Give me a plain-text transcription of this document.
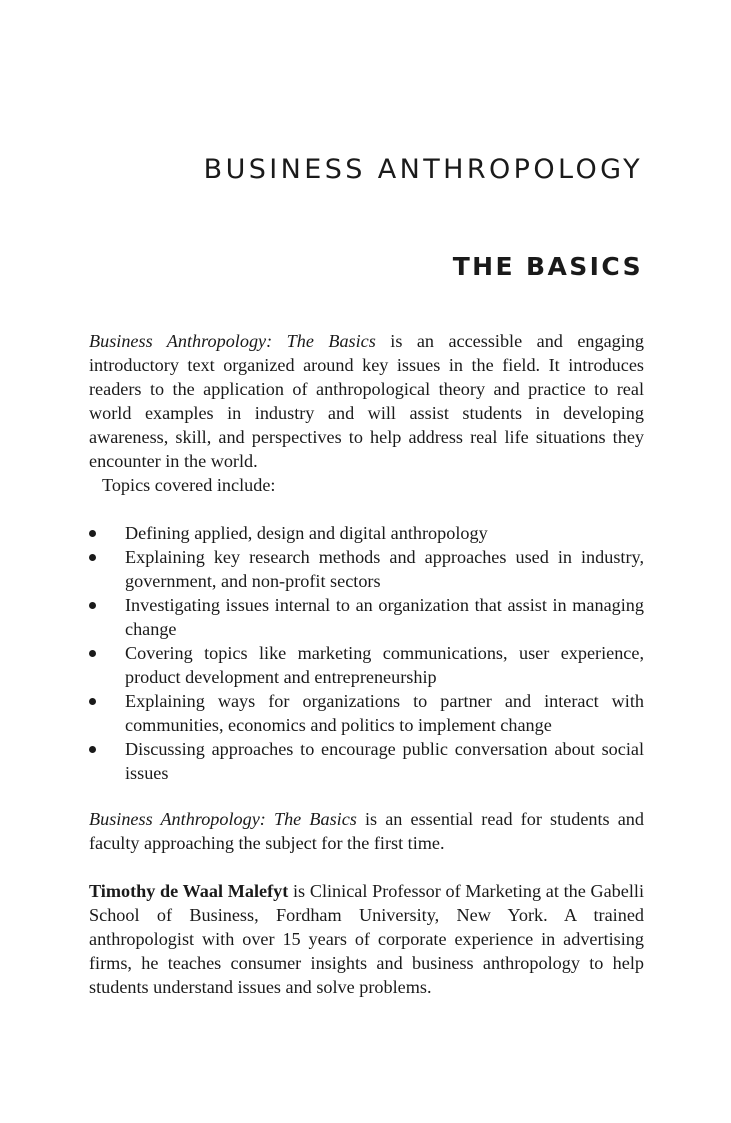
BUSINESS ANTHROPOLOGY
THE BASICS

Business Anthropology: The Basics is an accessible and engaging introductory text organized around key issues in the field. It introduces readers to the application of anthropological theory and practice to real world examples in industry and will assist students in developing awareness, skill, and perspectives to help address real life situations they encounter in the world.
Topics covered include:

Defining applied, design and digital anthropology
Explaining key research methods and approaches used in industry, government, and non-profit sectors
Investigating issues internal to an organization that assist in managing change
Covering topics like marketing communications, user experience, product development and entrepreneurship
Explaining ways for organizations to partner and interact with communities, economics and politics to implement change
Discussing approaches to encourage public conversation about social issues

Business Anthropology: The Basics is an essential read for students and faculty approaching the subject for the first time.

Timothy de Waal Malefyt is Clinical Professor of Marketing at the Gabelli School of Business, Fordham University, New York. A trained anthropologist with over 15 years of corporate experience in advertising firms, he teaches consumer insights and business anthropology to help students understand issues and solve problems.
